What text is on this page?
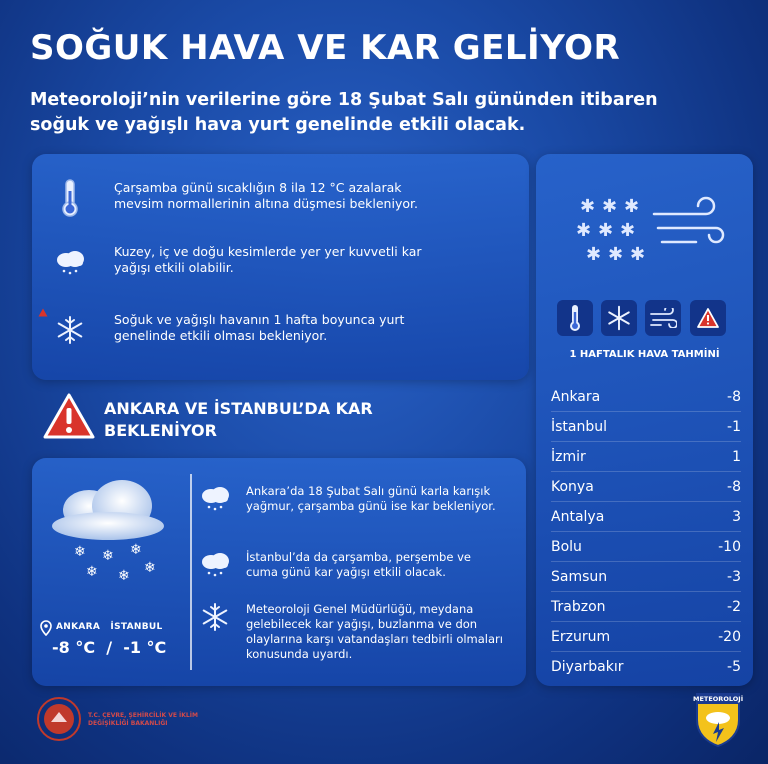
SOĞUK HAVA VE KAR GELİYOR
Meteoroloji’nin verilerine göre 18 Şubat Salı gününden itibaren soğuk ve yağışlı hava yurt genelinde etkili olacak.
Çarşamba günü sıcaklığın 8 ila 12 °C azalarak mevsim normallerinin altına düşmesi bekleniyor.
Kuzey, iç ve doğu kesimlerde yer yer kuvvetli kar yağışı etkili olabilir.
Soğuk ve yağışlı havanın 1 hafta boyunca yurt genelinde etkili olması bekleniyor.
ANKARA VE İSTANBUL’DA KAR BEKLENİYOR
❄ ❄ ❄
❄ ❄ ❄
ANKARA   İSTANBUL
-8 °C  /  -1 °C
Ankara’da 18 Şubat Salı günü karla karışık yağmur, çarşamba günü ise kar bekleniyor.
İstanbul’da da çarşamba, perşembe ve cuma günü kar yağışı etkili olacak.
Meteoroloji Genel Müdürlüğü, meydana gelebilecek kar yağışı, buzlanma ve don olaylarına karşı vatandaşları tedbirli olmaları konusunda uyardı.
✱ ✱ ✱
✱ ✱ ✱
✱ ✱ ✱
1 HAFTALIK HAVA TAHMİNİ
Ankara	-8
İstanbul	-1
İzmir	1
Konya	-8
Antalya	3
Bolu	-10
Samsun	-3
Trabzon	-2
Erzurum	-20
Diyarbakır	-5
T.C. ÇEVRE, ŞEHİRCİLİK VE İKLİM DEĞİŞİKLİĞİ BAKANLIĞI
METEOROLOJİ
